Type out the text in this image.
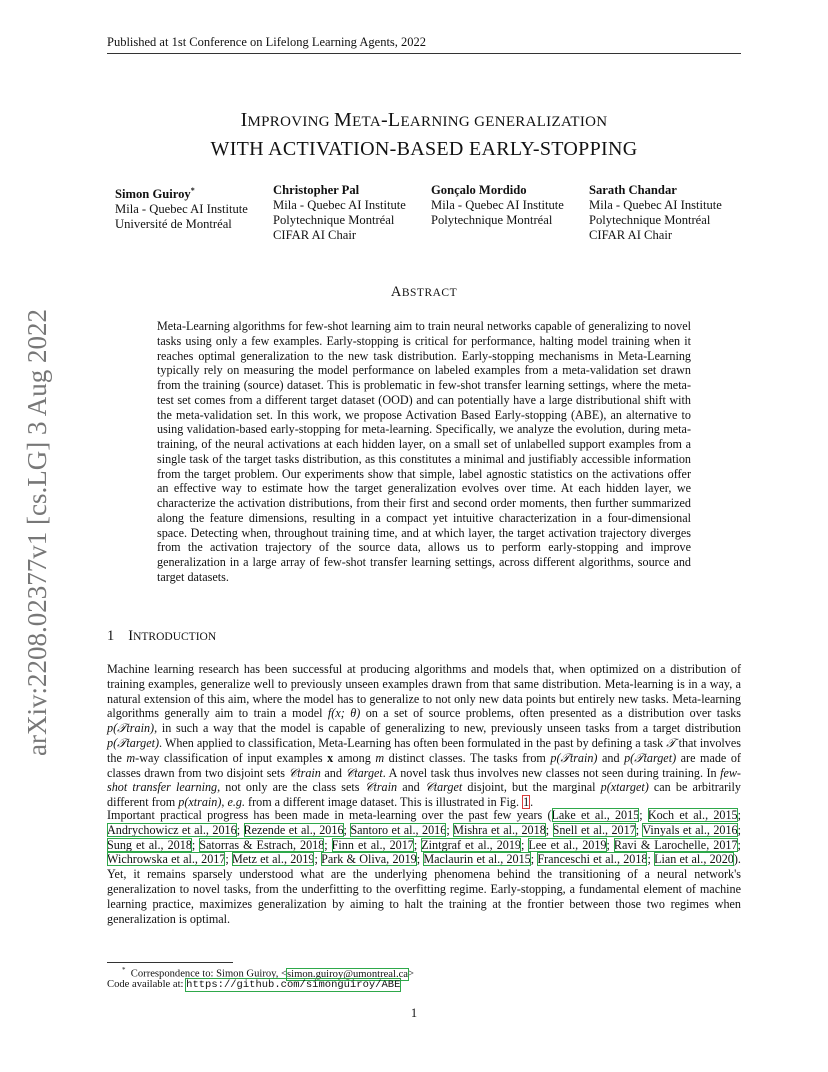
Published at 1st Conference on Lifelong Learning Agents, 2022
IMPROVING META-LEARNING GENERALIZATION
WITH ACTIVATION-BASED EARLY-STOPPING
Simon Guiroy*
Mila - Quebec AI Institute
Université de Montréal
Christopher Pal
Mila - Quebec AI Institute
Polytechnique Montréal
CIFAR AI Chair
Gonçalo Mordido
Mila - Quebec AI Institute
Polytechnique Montréal
Sarath Chandar
Mila - Quebec AI Institute
Polytechnique Montréal
CIFAR AI Chair
arXiv:2208.02377v1 [cs.LG] 3 Aug 2022
ABSTRACT

Meta-Learning algorithms for few-shot learning aim to train neural networks capable of generalizing to novel tasks using only a few examples. Early-stopping is critical for performance, halting model training when it reaches optimal generalization to the new task distribution. Early-stopping mechanisms in Meta-Learning typically rely on measuring the model performance on labeled examples from a meta-validation set drawn from the training (source) dataset. This is problematic in few-shot transfer learning settings, where the meta-test set comes from a different target dataset (OOD) and can potentially have a large distributional shift with the meta-validation set. In this work, we propose Activation Based Early-stopping (ABE), an alternative to using validation-based early-stopping for meta-learning. Specifically, we analyze the evolution, during meta-training, of the neural activations at each hidden layer, on a small set of unlabelled support examples from a single task of the target tasks distribution, as this constitutes a minimal and justifiably accessible information from the target problem. Our experiments show that simple, label agnostic statistics on the activations offer an effective way to estimate how the target generalization evolves over time. At each hidden layer, we characterize the activation distributions, from their first and second order moments, then further summarized along the feature dimensions, resulting in a compact yet intuitive characterization in a four-dimensional space. Detecting when, throughout training time, and at which layer, the target activation trajectory diverges from the activation trajectory of the source data, allows us to perform early-stopping and improve generalization in a large array of few-shot transfer learning settings, across different algorithms, source and target datasets.

1 INTRODUCTION

Machine learning research has been successful at producing algorithms and models that, when optimized on a distribution of training examples, generalize well to previously unseen examples drawn from that same distribution. Meta-learning is in a way, a natural extension of this aim, where the model has to generalize to not only new data points but entirely new tasks. Meta-learning algorithms generally aim to train a model f(x; θ) on a set of source problems, often presented as a distribution over tasks p(𝒯train), in such a way that the model is capable of generalizing to new, previously unseen tasks from a target distribution p(𝒯target). When applied to classification, Meta-Learning has often been formulated in the past by defining a task 𝒯 that involves the m-way classification of input examples x among m distinct classes. The tasks from p(𝒯train) and p(𝒯target) are made of classes drawn from two disjoint sets 𝒞train and 𝒞target. A novel task thus involves new classes not seen during training. In few-shot transfer learning, not only are the class sets 𝒞train and 𝒞target disjoint, but the marginal p(xtarget) can be arbitrarily different from p(xtrain), e.g. from a different image dataset. This is illustrated in Fig. 1.

Important practical progress has been made in meta-learning over the past few years (Lake et al., 2015; Koch et al., 2015; Andrychowicz et al., 2016; Rezende et al., 2016; Santoro et al., 2016; Mishra et al., 2018; Snell et al., 2017; Vinyals et al., 2016; Sung et al., 2018; Satorras & Estrach, 2018; Finn et al., 2017; Zintgraf et al., 2019; Lee et al., 2019; Ravi & Larochelle, 2017; Wichrowska et al., 2017; Metz et al., 2019; Park & Oliva, 2019; Maclaurin et al., 2015; Franceschi et al., 2018; Lian et al., 2020). Yet, it remains sparsely understood what are the underlying phenomena behind the transitioning of a neural network's generalization to novel tasks, from the underfitting to the overfitting regime. Early-stopping, a fundamental element of machine learning practice, maximizes generalization by aiming to halt the training at the frontier between those two regimes when generalization is optimal.

* Correspondence to: Simon Guiroy, <simon.guiroy@umontreal.ca>
Code available at: https://github.com/simonguiroy/ABE
1
